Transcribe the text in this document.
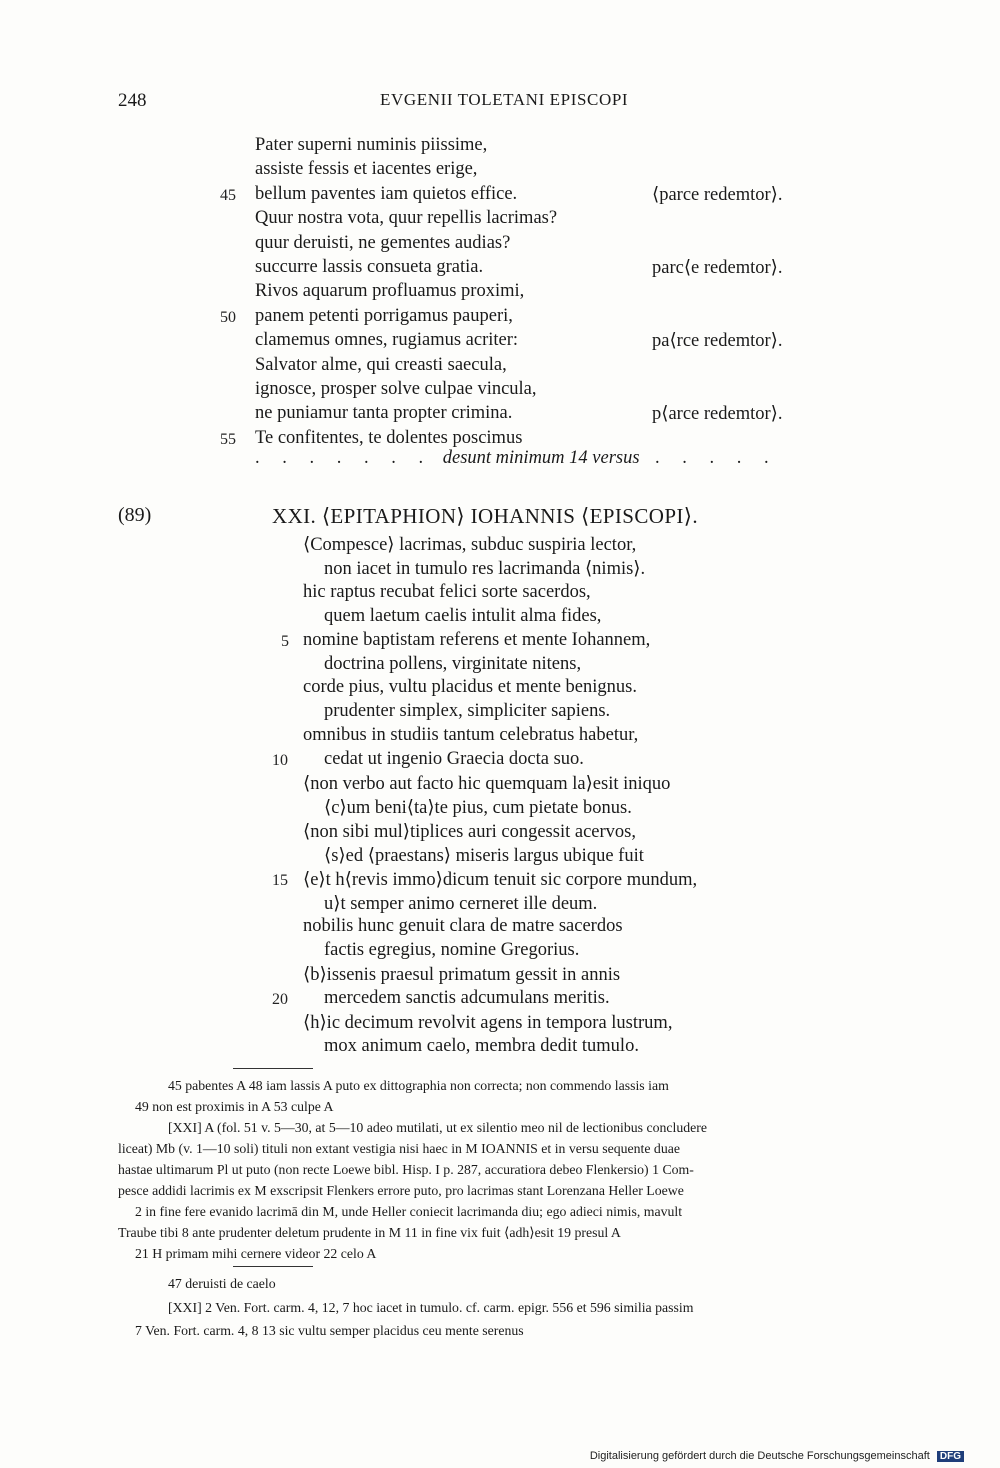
248	EVGENII TOLETANI EPISCOPI
Pater superni numinis piissime,
assiste fessis et iacentes erige,
45 bellum paventes iam quietos effice.	⟨parce redemtor⟩.
Quur nostra vota, quur repellis lacrimas?
quur deruisti, ne gementes audias?
succurre lassis consueta gratia.	parc⟨e redemtor⟩.
Rivos aquarum profluamus proximi,
50 panem petenti porrigamus pauperi,
clamemus omnes, rugiamus acriter:	pa⟨rce redemtor⟩.
Salvator alme, qui creasti saecula,
ignosce, prosper solve culpae vincula,
ne puniamur tanta propter crimina.	p⟨arce redemtor⟩.
55 Te confitentes, te dolentes poscimus
. . . . . . . desunt minimum 14 versus . . . . .
(89)	XXI. ⟨EPITAPHION⟩ IOHANNIS ⟨EPISCOPI⟩.
⟨Compesce⟩ lacrimas, subduc suspiria lector,
non iacet in tumulo res lacrimanda ⟨nimis⟩.
hic raptus recubat felici sorte sacerdos,
quem laetum caelis intulit alma fides,
5 nomine baptistam referens et mente Iohannem,
doctrina pollens, virginitate nitens,
corde pius, vultu placidus et mente benignus.
prudenter simplex, simpliciter sapiens.
omnibus in studiis tantum celebratus habetur,
10 cedat ut ingenio Graecia docta suo.
⟨non verbo aut facto hic quemquam la⟩esit iniquo
⟨c⟩um beni⟨ta⟩te pius, cum pietate bonus.
⟨non sibi mul⟩tiplices auri congessit acervos,
⟨s⟩ed ⟨praestans⟩ miseris largus ubique fuit
15 ⟨e⟩t h⟨revis immo⟩dicum tenuit sic corpore mundum,
u⟩t semper animo cerneret ille deum.
nobilis hunc genuit clara de matre sacerdos
factis egregius, nomine Gregorius.
⟨b⟩issenis praesul primatum gessit in annis
20 mercedem sanctis adcumulans meritis.
⟨h⟩ic decimum revolvit agens in tempora lustrum,
mox animum caelo, membra dedit tumulo.
45 pabentes A 48 iam lassis A puto ex dittographia non correcta; non commendo lassis iam
49 non est proximis in A 53 culpe A
[XXI] A (fol. 51 v. 5—30, at 5—10 adeo mutilati, ut ex silentio meo nil de lectionibus concludere
liceat) Mb (v. 1—10 soli) tituli non extant vestigia nisi haec in M IOANNIS et in versu sequente duae
hastae ultimarum Pl ut puto (non recte Loewe bibl. Hisp. I p. 287, accuratiora debeo Flenkersio) 1 Com-
pesce addidi lacrimis ex M exscripsit Flenkers errore puto, pro lacrimas stant Lorenzana Heller Loewe
2 in fine fere evanido lacrimā din M, unde Heller coniecit lacrimanda diu; ego adieci nimis, mavult
Traube tibi 8 ante prudenter deletum prudente in M 11 in fine vix fuit ⟨adh⟩esit 19 presul A
21 H primam mihi cernere videor 22 celo A
47 deruisti de caelo
[XXI] 2 Ven. Fort. carm. 4, 12, 7 hoc iacet in tumulo. cf. carm. epigr. 556 et 596 similia passim
7 Ven. Fort. carm. 4, 8 13 sic vultu semper placidus ceu mente serenus
Digitalisierung gefördert durch die Deutsche Forschungsgemeinschaft DFG
